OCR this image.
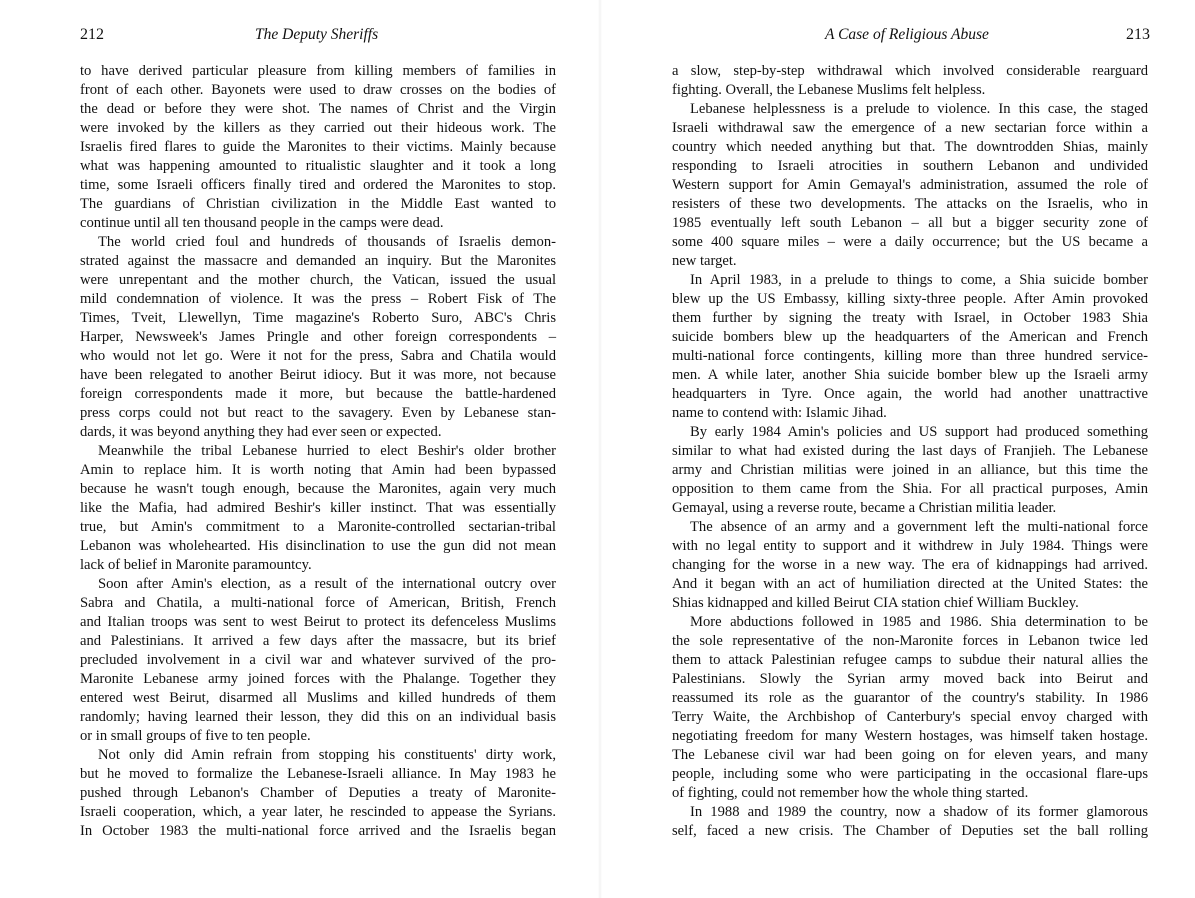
212	The Deputy Sheriffs
to have derived particular pleasure from killing members of families in
front of each other. Bayonets were used to draw crosses on the bodies of
the dead or before they were shot. The names of Christ and the Virgin
were invoked by the killers as they carried out their hideous work. The
Israelis fired flares to guide the Maronites to their victims. Mainly because
what was happening amounted to ritualistic slaughter and it took a long
time, some Israeli officers finally tired and ordered the Maronites to stop.
The guardians of Christian civilization in the Middle East wanted to
continue until all ten thousand people in the camps were dead.
The world cried foul and hundreds of thousands of Israelis demon-
strated against the massacre and demanded an inquiry. But the Maronites
were unrepentant and the mother church, the Vatican, issued the usual
mild condemnation of violence. It was the press – Robert Fisk of The
Times, Tveit, Llewellyn, Time magazine's Roberto Suro, ABC's Chris
Harper, Newsweek's James Pringle and other foreign correspondents –
who would not let go. Were it not for the press, Sabra and Chatila would
have been relegated to another Beirut idiocy. But it was more, not because
foreign correspondents made it more, but because the battle-hardened
press corps could not but react to the savagery. Even by Lebanese stan-
dards, it was beyond anything they had ever seen or expected.
Meanwhile the tribal Lebanese hurried to elect Beshir's older brother
Amin to replace him. It is worth noting that Amin had been bypassed
because he wasn't tough enough, because the Maronites, again very much
like the Mafia, had admired Beshir's killer instinct. That was essentially
true, but Amin's commitment to a Maronite-controlled sectarian-tribal
Lebanon was wholehearted. His disinclination to use the gun did not mean
lack of belief in Maronite paramountcy.
Soon after Amin's election, as a result of the international outcry over
Sabra and Chatila, a multi-national force of American, British, French
and Italian troops was sent to west Beirut to protect its defenceless Muslims
and Palestinians. It arrived a few days after the massacre, but its brief
precluded involvement in a civil war and whatever survived of the pro-
Maronite Lebanese army joined forces with the Phalange. Together they
entered west Beirut, disarmed all Muslims and killed hundreds of them
randomly; having learned their lesson, they did this on an individual basis
or in small groups of five to ten people.
Not only did Amin refrain from stopping his constituents' dirty work,
but he moved to formalize the Lebanese-Israeli alliance. In May 1983 he
pushed through Lebanon's Chamber of Deputies a treaty of Maronite-
Israeli cooperation, which, a year later, he rescinded to appease the Syrians.
In October 1983 the multi-national force arrived and the Israelis began
A Case of Religious Abuse	213
a slow, step-by-step withdrawal which involved considerable rearguard
fighting. Overall, the Lebanese Muslims felt helpless.
Lebanese helplessness is a prelude to violence. In this case, the staged
Israeli withdrawal saw the emergence of a new sectarian force within a
country which needed anything but that. The downtrodden Shias, mainly
responding to Israeli atrocities in southern Lebanon and undivided
Western support for Amin Gemayal's administration, assumed the role of
resisters of these two developments. The attacks on the Israelis, who in
1985 eventually left south Lebanon – all but a bigger security zone of
some 400 square miles – were a daily occurrence; but the US became a
new target.
In April 1983, in a prelude to things to come, a Shia suicide bomber
blew up the US Embassy, killing sixty-three people. After Amin provoked
them further by signing the treaty with Israel, in October 1983 Shia
suicide bombers blew up the headquarters of the American and French
multi-national force contingents, killing more than three hundred service-
men. A while later, another Shia suicide bomber blew up the Israeli army
headquarters in Tyre. Once again, the world had another unattractive
name to contend with: Islamic Jihad.
By early 1984 Amin's policies and US support had produced something
similar to what had existed during the last days of Franjieh. The Lebanese
army and Christian militias were joined in an alliance, but this time the
opposition to them came from the Shia. For all practical purposes, Amin
Gemayal, using a reverse route, became a Christian militia leader.
The absence of an army and a government left the multi-national force
with no legal entity to support and it withdrew in July 1984. Things were
changing for the worse in a new way. The era of kidnappings had arrived.
And it began with an act of humiliation directed at the United States: the
Shias kidnapped and killed Beirut CIA station chief William Buckley.
More abductions followed in 1985 and 1986. Shia determination to be
the sole representative of the non-Maronite forces in Lebanon twice led
them to attack Palestinian refugee camps to subdue their natural allies the
Palestinians. Slowly the Syrian army moved back into Beirut and
reassumed its role as the guarantor of the country's stability. In 1986
Terry Waite, the Archbishop of Canterbury's special envoy charged with
negotiating freedom for many Western hostages, was himself taken hostage.
The Lebanese civil war had been going on for eleven years, and many
people, including some who were participating in the occasional flare-ups
of fighting, could not remember how the whole thing started.
In 1988 and 1989 the country, now a shadow of its former glamorous
self, faced a new crisis. The Chamber of Deputies set the ball rolling
